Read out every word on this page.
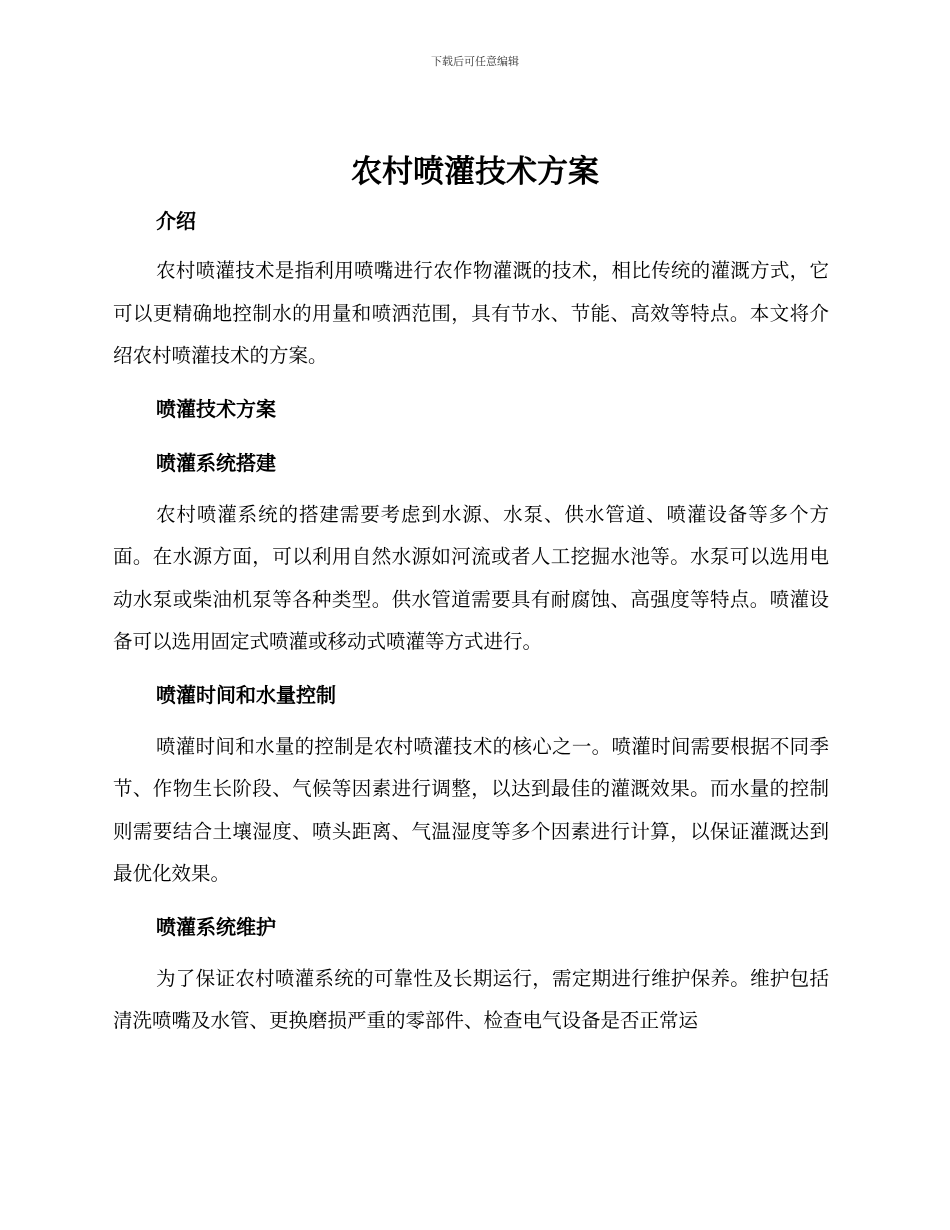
下载后可任意编辑
农村喷灌技术方案
介绍

农村喷灌技术是指利用喷嘴进行农作物灌溉的技术，相比传统的灌溉方式，它可以更精确地控制水的用量和喷洒范围，具有节水、节能、高效等特点。本文将介绍农村喷灌技术的方案。

喷灌技术方案
喷灌系统搭建

农村喷灌系统的搭建需要考虑到水源、水泵、供水管道、喷灌设备等多个方面。在水源方面，可以利用自然水源如河流或者人工挖掘水池等。水泵可以选用电动水泵或柴油机泵等各种类型。供水管道需要具有耐腐蚀、高强度等特点。喷灌设备可以选用固定式喷灌或移动式喷灌等方式进行。

喷灌时间和水量控制

喷灌时间和水量的控制是农村喷灌技术的核心之一。喷灌时间需要根据不同季节、作物生长阶段、气候等因素进行调整，以达到最佳的灌溉效果。而水量的控制则需要结合土壤湿度、喷头距离、气温湿度等多个因素进行计算，以保证灌溉达到最优化效果。

喷灌系统维护

为了保证农村喷灌系统的可靠性及长期运行，需定期进行维护保养。维护包括清洗喷嘴及水管、更换磨损严重的零部件、检查电气设备是否正常运
